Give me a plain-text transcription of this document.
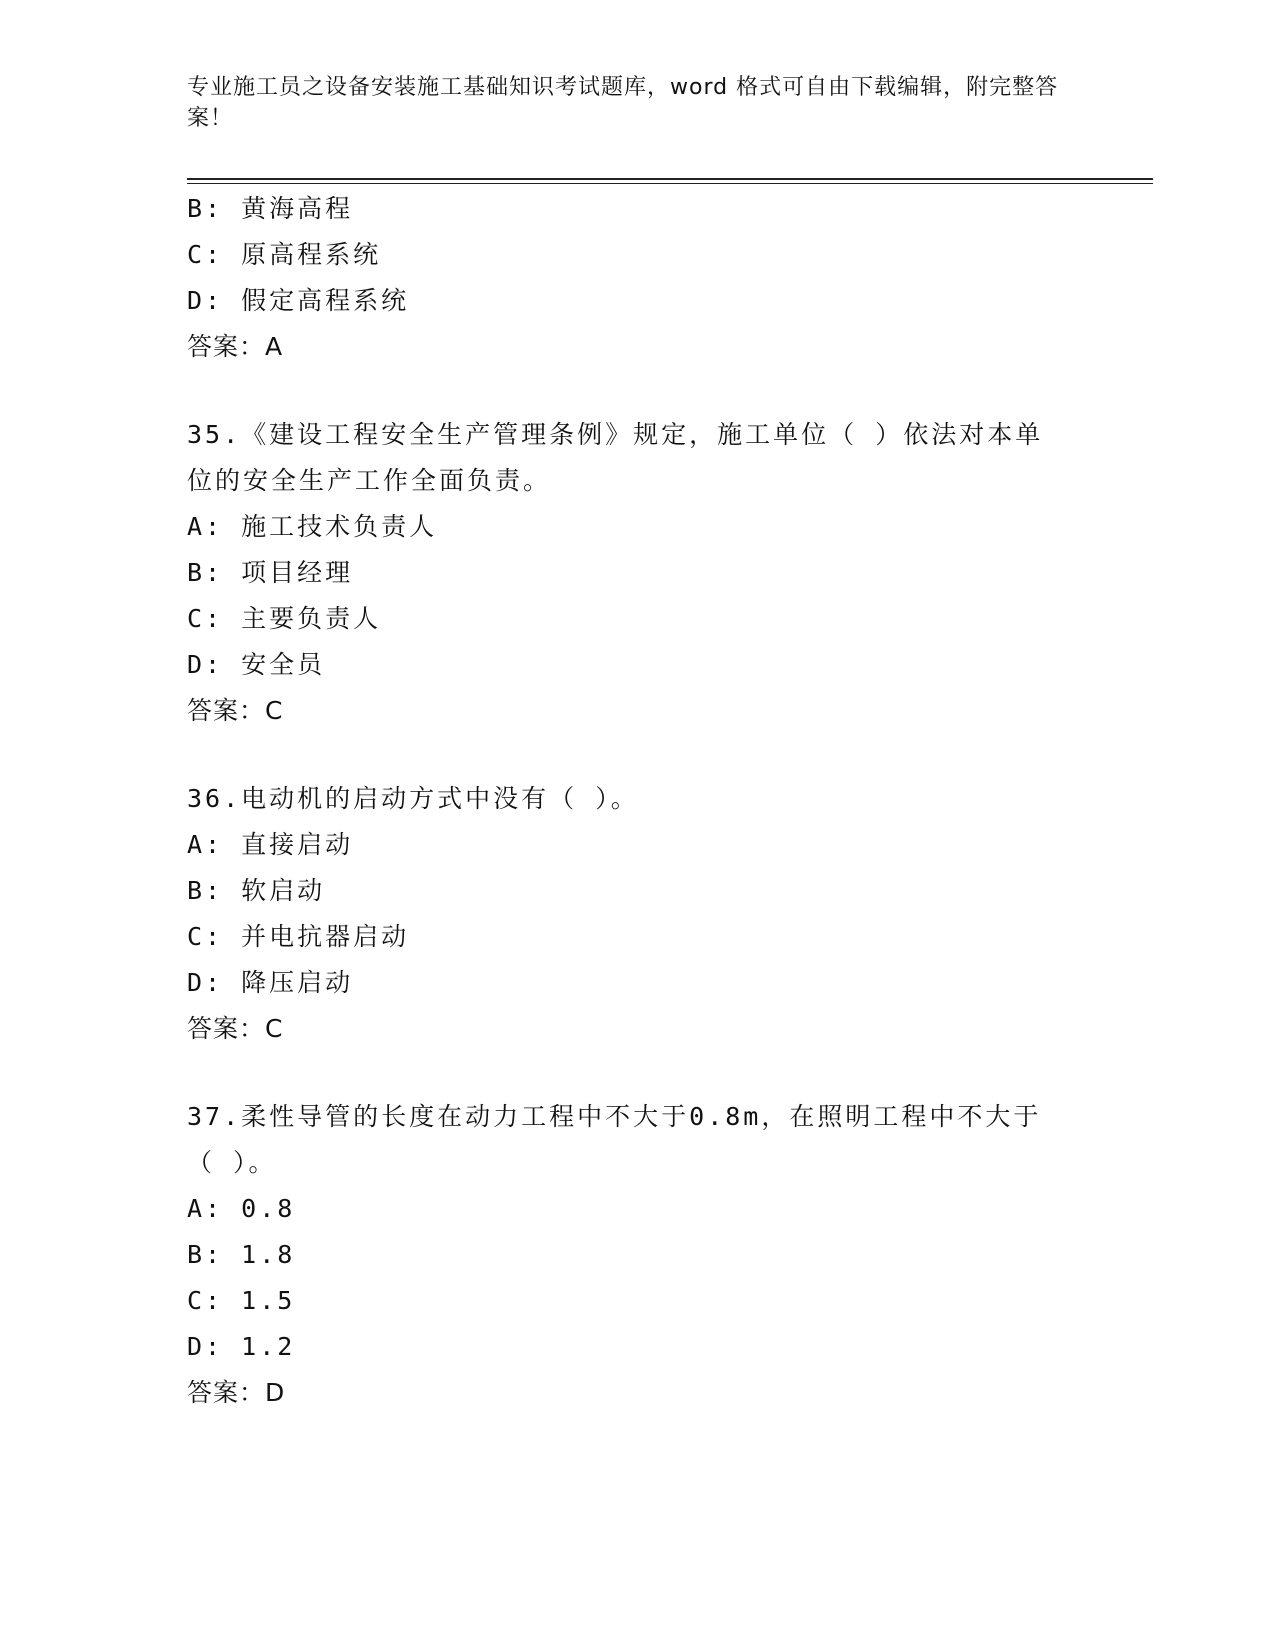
专业施工员之设备安装施工基础知识考试题库，word 格式可自由下载编辑，附完整答案！
B: 黄海高程
C: 原高程系统
D: 假定高程系统
答案：A
35.《建设工程安全生产管理条例》规定，施工单位（ ）依法对本单位的安全生产工作全面负责。
A: 施工技术负责人
B: 项目经理
C: 主要负责人
D: 安全员
答案：C
36.电动机的启动方式中没有（ ）。
A: 直接启动
B: 软启动
C: 并电抗器启动
D: 降压启动
答案：C
37.柔性导管的长度在动力工程中不大于0.8m，在照明工程中不大于（ ）。
A: 0.8
B: 1.8
C: 1.5
D: 1.2
答案：D
